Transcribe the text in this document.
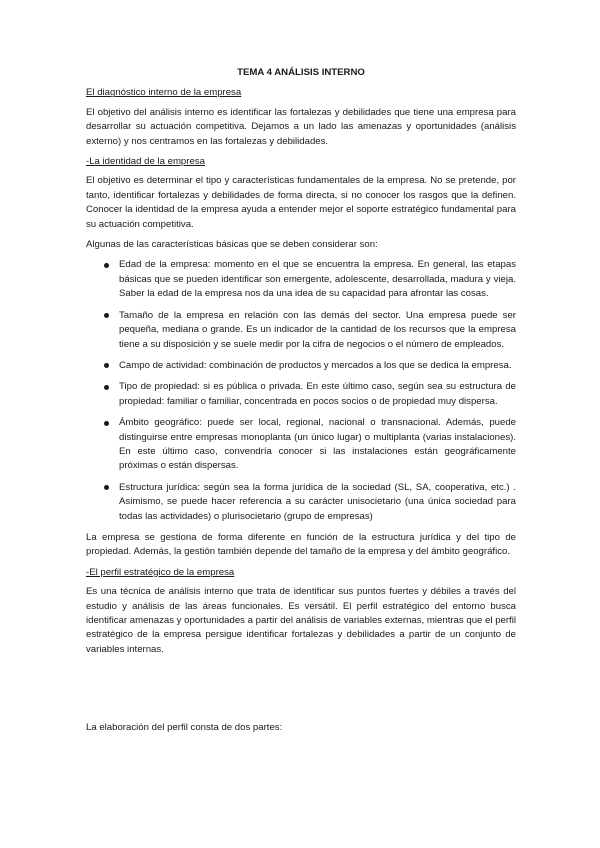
TEMA 4 ANÁLISIS INTERNO
El diagnóstico interno de la empresa

El objetivo del análisis interno es identificar las fortalezas y debilidades que tiene una empresa para desarrollar su actuación competitiva. Dejamos a un lado las amenazas y oportunidades (análisis externo) y nos centramos en las fortalezas y debilidades.

-La identidad de la empresa

El objetivo es determinar el tipo y características fundamentales de la empresa. No se pretende, por tanto, identificar fortalezas y debilidades de forma directa, si no conocer los rasgos que la definen. Conocer la identidad de la empresa ayuda a entender mejor el soporte estratégico fundamental para su actuación competitiva.

Algunas de las características básicas que se deben considerar son:

Edad de la empresa: momento en el que se encuentra la empresa. En general, las etapas básicas que se pueden identificar son emergente, adolescente, desarrollada, madura y vieja. Saber la edad de la empresa nos da una idea de su capacidad para afrontar las cosas.
Tamaño de la empresa en relación con las demás del sector. Una empresa puede ser pequeña, mediana o grande. Es un indicador de la cantidad de los recursos que la empresa tiene a su disposición y se suele medir por la cifra de negocios o el número de empleados.
Campo de actividad: combinación de productos y mercados a los que se dedica la empresa.
Tipo de propiedad: si es pública o privada. En este último caso, según sea su estructura de propiedad: familiar o familiar, concentrada en pocos socios o de propiedad muy dispersa.
Ámbito geográfico: puede ser local, regional, nacional o transnacional. Además, puede distinguirse entre empresas monoplanta (un único lugar) o multiplanta (varias instalaciones). En este último caso, convendría conocer si las instalaciones están geográficamente próximas o están dispersas.
Estructura jurídica: según sea la forma jurídica de la sociedad (SL, SA, cooperativa, etc.) . Asimismo, se puede hacer referencia a su carácter unisocietario (una única sociedad para todas las actividades) o plurisocietario (grupo de empresas)

La empresa se gestiona de forma diferente en función de la estructura jurídica y del tipo de propiedad. Además, la gestión también depende del tamaño de la empresa y del ámbito geográfico.

-El perfil estratégico de la empresa

Es una técnica de análisis interno que trata de identificar sus puntos fuertes y débiles a través del estudio y análisis de las áreas funcionales. Es versátil. El perfil estratégico del entorno busca identificar amenazas y oportunidades a partir del análisis de variables externas, mientras que el perfil estratégico de la empresa persigue identificar fortalezas y debilidades a partir de un conjunto de variables internas.

La elaboración del perfil consta de dos partes:
